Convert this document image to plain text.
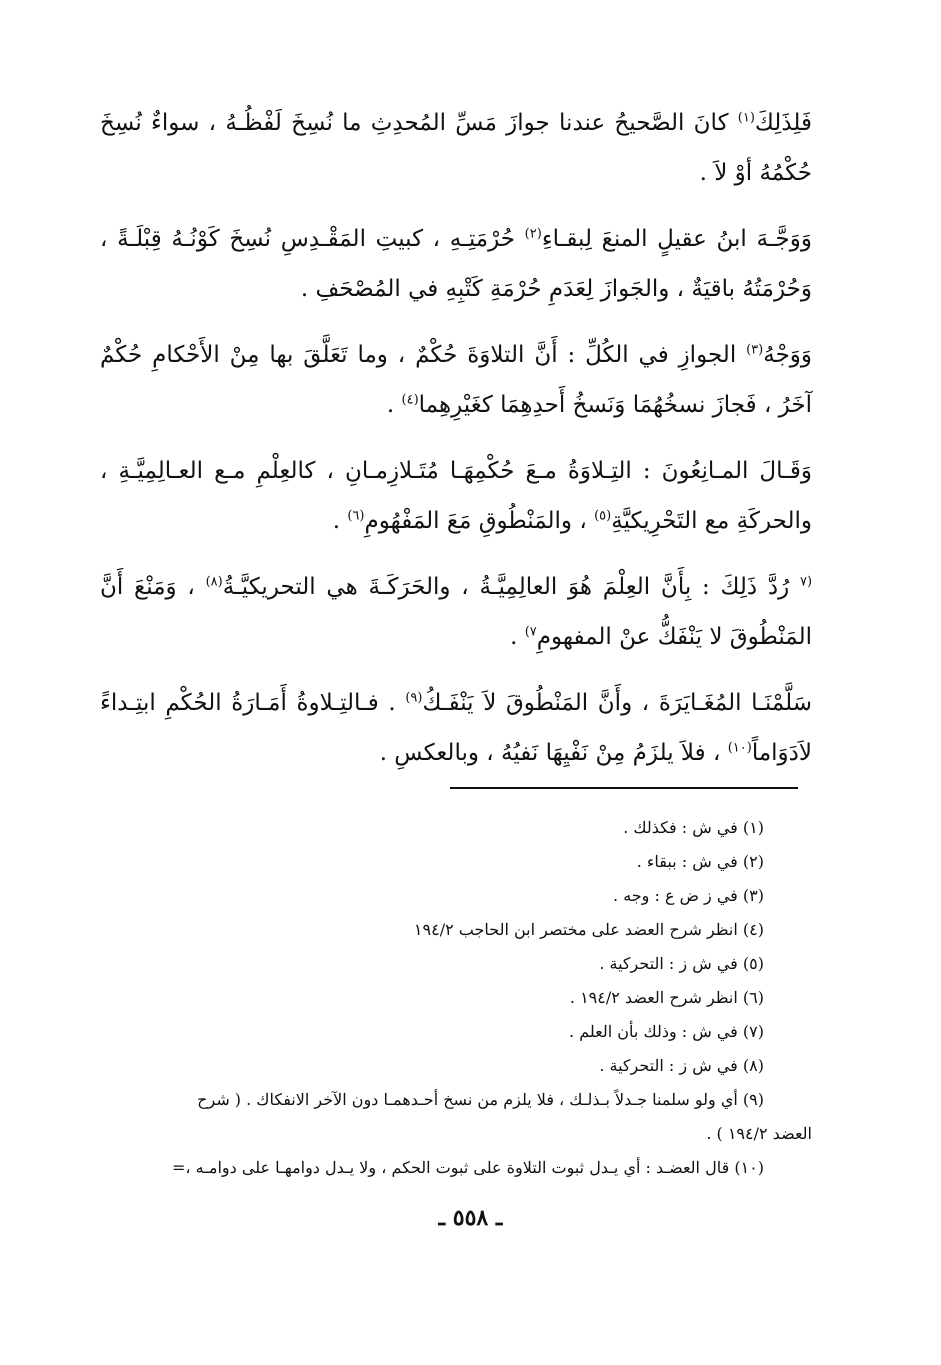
فَلِذَلِكَ$^{(١)}$ كانَ الصَّحيحُ عندنا جوازَ مَسِّ المُحدِثِ ما نُسِخَ لَفْظُـهُ ، سواءٌ نُسِخَ حُكْمُهُ أوْ لاَ .

وَوَجَّـهَ ابنُ عقيلٍ المنعَ لِبقـاءِ$^{(٢)}$ حُرْمَتِـهِ ، كبيتِ المَقْـدِسِ نُسِخَ كَوْنُـهُ قِبْلَـةً ، وَحُرْمَتُهُ باقيَةٌ ، والجَوازَ لِعَدَمِ حُرْمَةِ كَتْبِهِ في المُصْحَفِ .

وَوَجْهُ$^{(٣)}$ الجوازِ في الكُلِّ : أَنَّ التلاوَةَ حُكْمٌ ، وما تَعَلَّقَ بها مِنْ الأَحْكامِ حُكْمٌ آخَرُ ، فَجازَ نسخُهُمَا وَنَسخُ أَحدِهِمَا كغَيْرِهِما$^{(٤)}$ .

وَقَـالَ المـانِعُونَ : التِـلاوَةُ مـعَ حُكْمِهَـا مُتَـلازِمـانِ ، كالعِلْمِ مـع العـالِمِيَّـةِ ، والحركَةِ مع التَحْرِيكيَّةِ$^{(٥)}$ ، والمَنْطُوقِ مَعَ المَفْهُومِ$^{(٦)}$ .

$^{(٧}$ رُدَّ ذَلِكَ : بِأَنَّ العِلْمَ هُوَ العالِمِيَّـةُ ، والحَرَكَـةَ هي التحريكيَّـةُ$^{(٨)}$ ، وَمَنْعَ أَنَّ المَنْطُوقَ لا يَنْفَكُّ عنْ المفهومِ$^{٧)}$ .

سَلَّمْنَـا المُغَـايَرَةَ ، وأَنَّ المَنْطُوقَ لاَ يَنْفَـكُ$^{(٩)}$ . فـالتِـلاوةُ أَمَـارَةُ الحُكْمِ ابتِـداءً لاَدَوَاماً$^{(١٠)}$ ، فلاَ يلزَمُ مِنْ نَفْيِهَا نَفيُهُ ، وبالعكسِ .

(١) في ش : فكذلك .

(٢) في ش : ببقاء .

(٣) في ز ض ع : وجه .

(٤) انظر شرح العضد على مختصر ابن الحاجب ١٩٤/٢

(٥) في ش ز : التحركية .

(٦) انظر شرح العضد ١٩٤/٢ .

(٧) في ش : وذلك بأن العلم .

(٨) في ش ز : التحركية .

(٩) أي ولو سلمنا جـدلاً بـذلـك ، فلا يلزم من نسخ أحـدهمـا دون الآخر الانفكاك . ( شرح
العضد ١٩٤/٢ ) .

(١٠) قال العضـد : أي يـدل ثبوت التلاوة على ثبوت الحكم ، ولا يـدل دوامهـا على دوامـه ،=

ـ ٥٥٨ ـ
